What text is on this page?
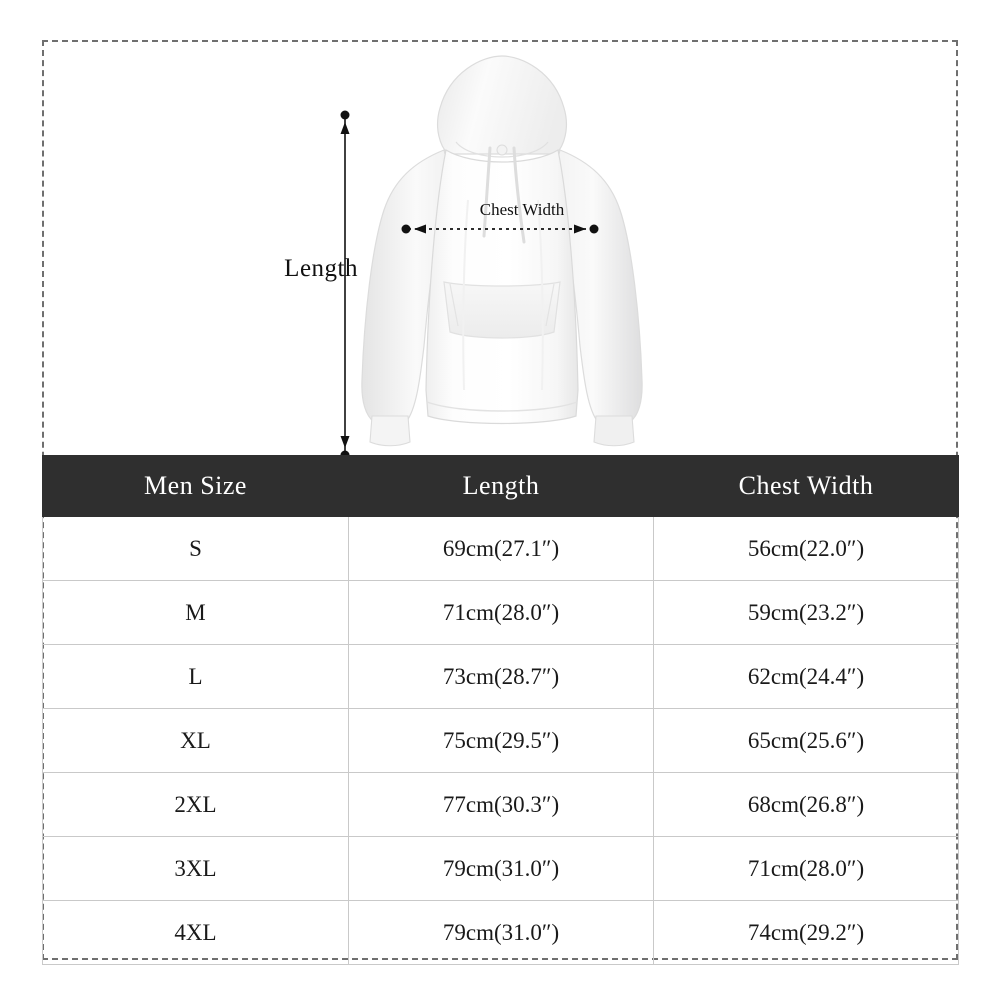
Length
Chest Width
Men Size	Length	Chest Width
S	69cm(27.1″)	56cm(22.0″)
M	71cm(28.0″)	59cm(23.2″)
L	73cm(28.7″)	62cm(24.4″)
XL	75cm(29.5″)	65cm(25.6″)
2XL	77cm(30.3″)	68cm(26.8″)
3XL	79cm(31.0″)	71cm(28.0″)
4XL	79cm(31.0″)	74cm(29.2″)
